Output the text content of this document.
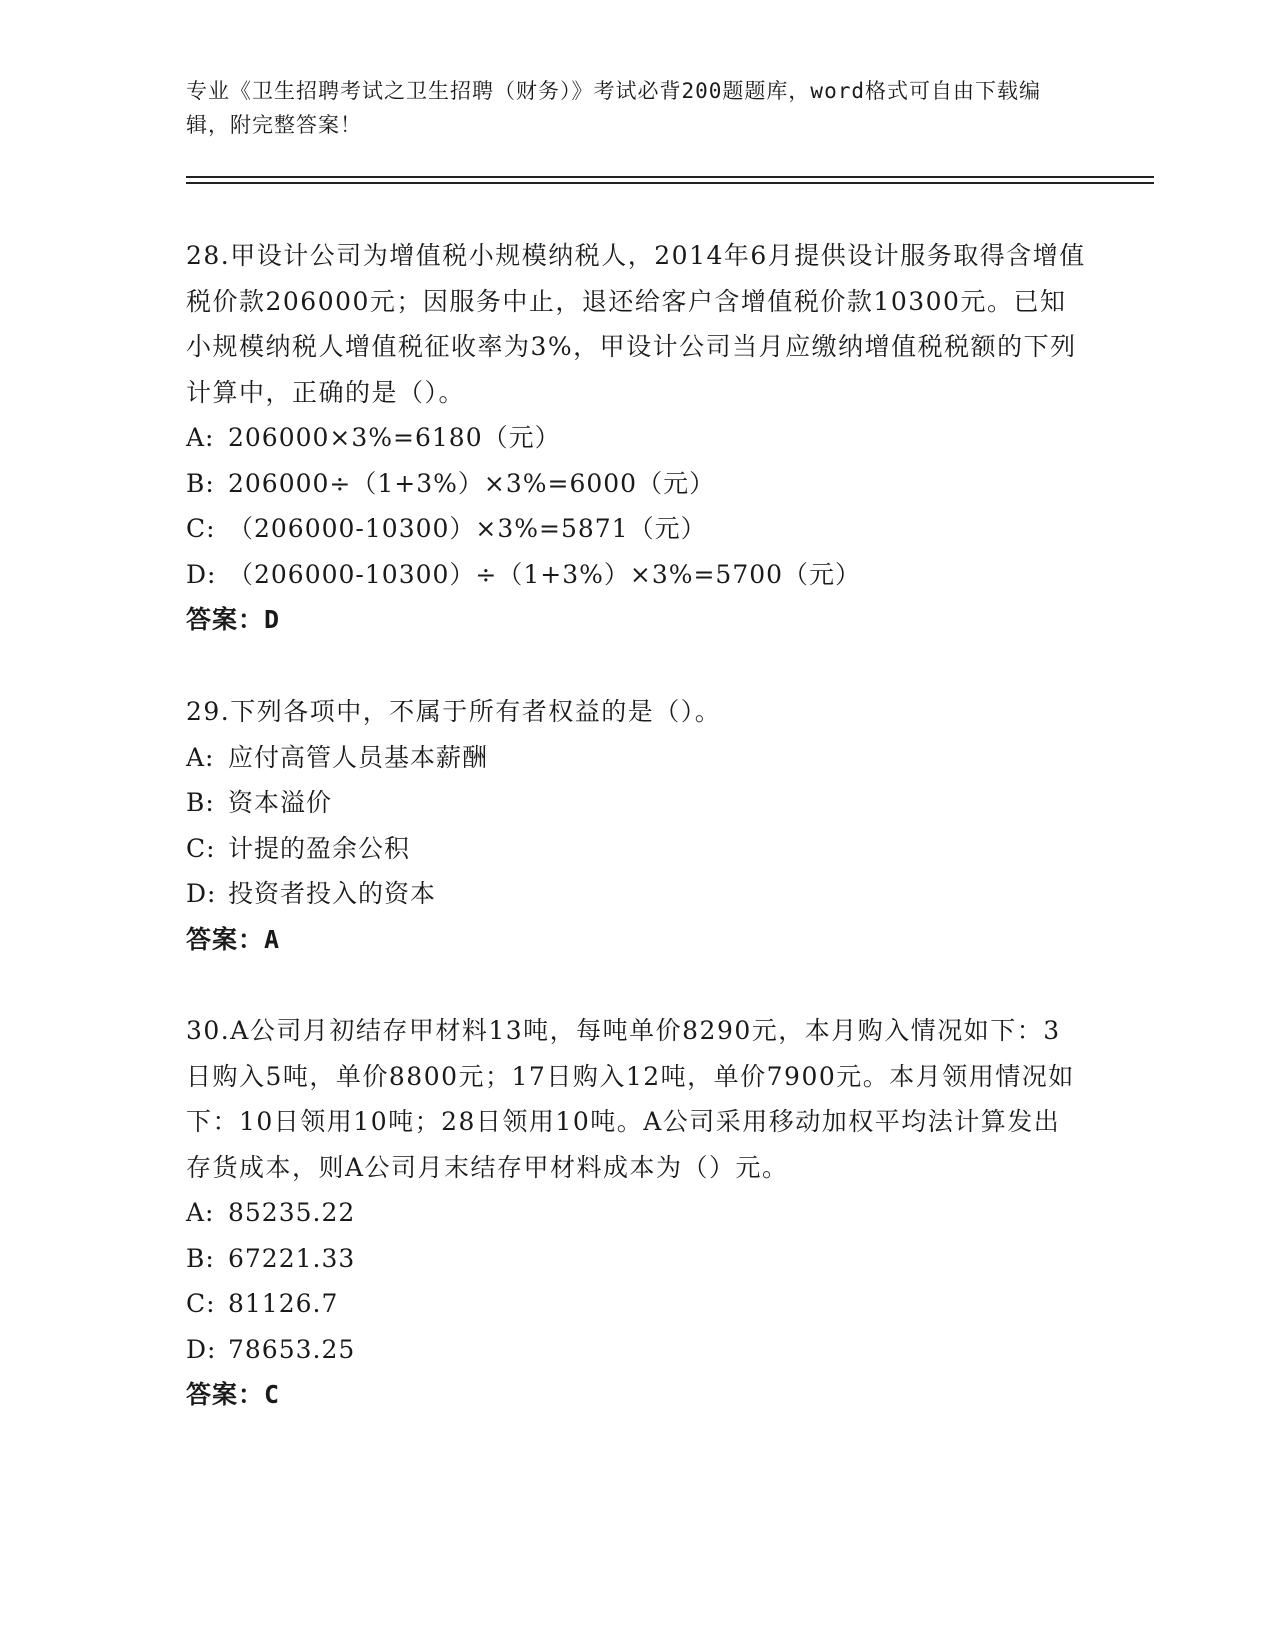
专业《卫生招聘考试之卫生招聘（财务）》考试必背200题题库，word格式可自由下载编辑，附完整答案！

28.甲设计公司为增值税小规模纳税人，2014年6月提供设计服务取得含增值税价款206000元；因服务中止，退还给客户含增值税价款10300元。已知小规模纳税人增值税征收率为3%，甲设计公司当月应缴纳增值税税额的下列计算中，正确的是（）。

A: 206000×3%=6180（元）

B: 206000÷（1+3%）×3%=6000（元）

C: （206000-10300）×3%=5871（元）

D: （206000-10300）÷（1+3%）×3%=5700（元）

答案：D

29.下列各项中，不属于所有者权益的是（）。

A: 应付高管人员基本薪酬

B: 资本溢价

C: 计提的盈余公积

D: 投资者投入的资本

答案：A

30.A公司月初结存甲材料13吨，每吨单价8290元，本月购入情况如下：3日购入5吨，单价8800元；17日购入12吨，单价7900元。本月领用情况如下：10日领用10吨；28日领用10吨。A公司采用移动加权平均法计算发出存货成本，则A公司月末结存甲材料成本为（）元。

A: 85235.22

B: 67221.33

C: 81126.7

D: 78653.25

答案：C
